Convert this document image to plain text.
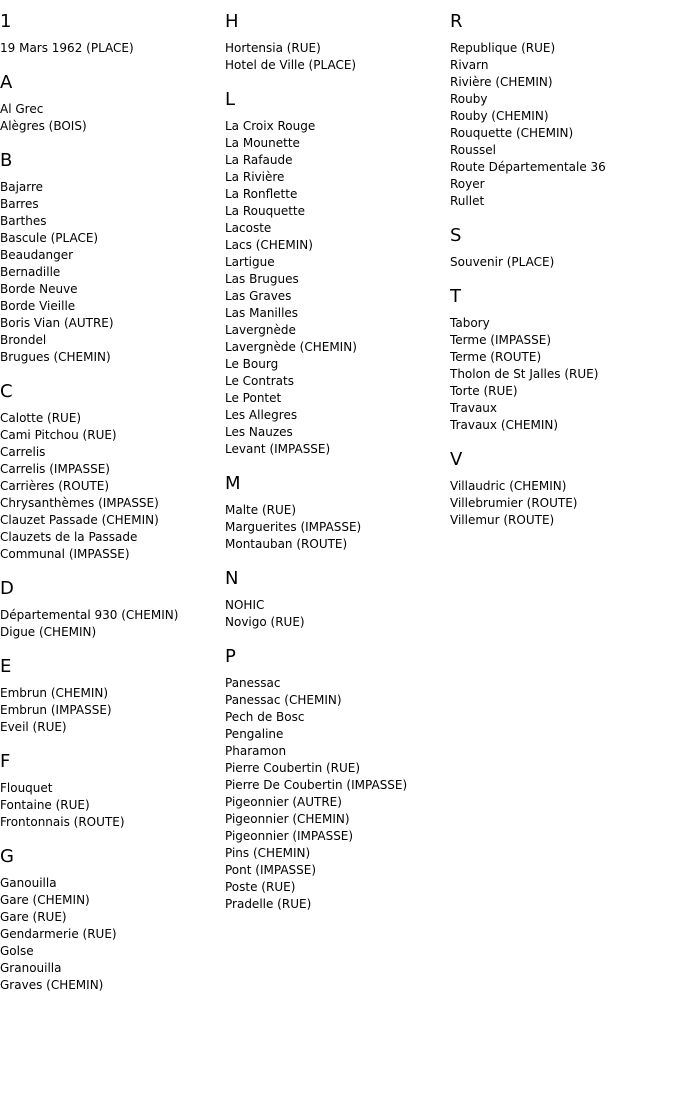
1
19 Mars 1962 (PLACE)
A
Al Grec
Alègres (BOIS)
B
Bajarre
Barres
Barthes
Bascule (PLACE)
Beaudanger
Bernadille
Borde Neuve
Borde Vieille
Boris Vian (AUTRE)
Brondel
Brugues (CHEMIN)
C
Calotte (RUE)
Cami Pitchou (RUE)
Carrelis
Carrelis (IMPASSE)
Carrières (ROUTE)
Chrysanthèmes (IMPASSE)
Clauzet Passade (CHEMIN)
Clauzets de la Passade
Communal (IMPASSE)
D
Départemental 930 (CHEMIN)
Digue (CHEMIN)
E
Embrun (CHEMIN)
Embrun (IMPASSE)
Eveil (RUE)
F
Flouquet
Fontaine (RUE)
Frontonnais (ROUTE)
G
Ganouilla
Gare (CHEMIN)
Gare (RUE)
Gendarmerie (RUE)
Golse
Granouilla
Graves (CHEMIN)
H
Hortensia (RUE)
Hotel de Ville (PLACE)
L
La Croix Rouge
La Mounette
La Rafaude
La Rivière
La Ronflette
La Rouquette
Lacoste
Lacs (CHEMIN)
Lartigue
Las Brugues
Las Graves
Las Manilles
Lavergnède
Lavergnède (CHEMIN)
Le Bourg
Le Contrats
Le Pontet
Les Allegres
Les Nauzes
Levant (IMPASSE)
M
Malte (RUE)
Marguerites (IMPASSE)
Montauban (ROUTE)
N
NOHIC
Novigo (RUE)
P
Panessac
Panessac (CHEMIN)
Pech de Bosc
Pengaline
Pharamon
Pierre Coubertin (RUE)
Pierre De Coubertin (IMPASSE)
Pigeonnier (AUTRE)
Pigeonnier (CHEMIN)
Pigeonnier (IMPASSE)
Pins (CHEMIN)
Pont (IMPASSE)
Poste (RUE)
Pradelle (RUE)
R
Republique (RUE)
Rivarn
Rivière (CHEMIN)
Rouby
Rouby (CHEMIN)
Rouquette (CHEMIN)
Roussel
Route Départementale 36
Royer
Rullet
S
Souvenir (PLACE)
T
Tabory
Terme (IMPASSE)
Terme (ROUTE)
Tholon de St Jalles (RUE)
Torte (RUE)
Travaux
Travaux (CHEMIN)
V
Villaudric (CHEMIN)
Villebrumier (ROUTE)
Villemur (ROUTE)
